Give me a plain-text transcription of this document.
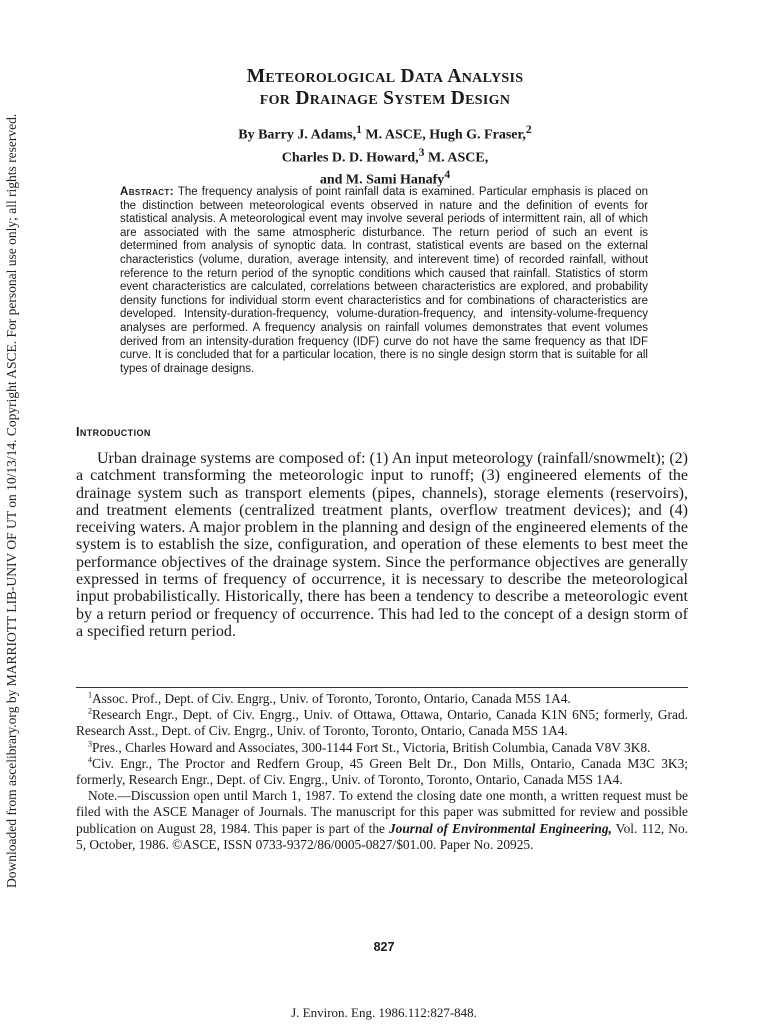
Downloaded from ascelibrary.org by MARRIOTT LIB-UNIV OF UT on 10/13/14. Copyright ASCE. For personal use only; all rights reserved.
Meteorological Data Analysis
for Drainage System Design
By Barry J. Adams,$^1$ M. ASCE, Hugh G. Fraser,$^2$
Charles D. D. Howard,$^3$ M. ASCE,
and M. Sami Hanafy$^4$
Abstract: The frequency analysis of point rainfall data is examined. Particular emphasis is placed on the distinction between meteorological events observed in nature and the definition of events for statistical analysis. A meteorological event may involve several periods of intermittent rain, all of which are associated with the same atmospheric disturbance. The return period of such an event is determined from analysis of synoptic data. In contrast, statistical events are based on the external characteristics (volume, duration, average intensity, and interevent time) of recorded rainfall, without reference to the return period of the synoptic conditions which caused that rainfall. Statistics of storm event characteristics are calculated, correlations between characteristics are explored, and probability density functions for individual storm event characteristics and for combinations of characteristics are developed. Intensity-duration-frequency, volume-duration-frequency, and intensity-volume-frequency analyses are performed. A frequency analysis on rainfall volumes demonstrates that event volumes derived from an intensity-duration frequency (IDF) curve do not have the same frequency as that IDF curve. It is concluded that for a particular location, there is no single design storm that is suitable for all types of drainage designs.
Introduction

Urban drainage systems are composed of: (1) An input meteorology (rainfall/snowmelt); (2) a catchment transforming the meteorologic input to runoff; (3) engineered elements of the drainage system such as transport elements (pipes, channels), storage elements (reservoirs), and treatment elements (centralized treatment plants, overflow treatment devices); and (4) receiving waters. A major problem in the planning and design of the engineered elements of the system is to establish the size, configuration, and operation of these elements to best meet the performance objectives of the drainage system. Since the performance objectives are generally expressed in terms of frequency of occurrence, it is necessary to describe the meteorological input probabilistically. Historically, there has been a tendency to describe a meteorologic event by a return period or frequency of occurrence. This had led to the concept of a design storm of a specified return period.

$^1$Assoc. Prof., Dept. of Civ. Engrg., Univ. of Toronto, Toronto, Ontario, Canada M5S 1A4.

$^2$Research Engr., Dept. of Civ. Engrg., Univ. of Ottawa, Ottawa, Ontario, Canada K1N 6N5; formerly, Grad. Research Asst., Dept. of Civ. Engrg., Univ. of Toronto, Toronto, Ontario, Canada M5S 1A4.

$^3$Pres., Charles Howard and Associates, 300-1144 Fort St., Victoria, British Columbia, Canada V8V 3K8.

$^4$Civ. Engr., The Proctor and Redfern Group, 45 Green Belt Dr., Don Mills, Ontario, Canada M3C 3K3; formerly, Research Engr., Dept. of Civ. Engrg., Univ. of Toronto, Toronto, Ontario, Canada M5S 1A4.

Note.—Discussion open until March 1, 1987. To extend the closing date one month, a written request must be filed with the ASCE Manager of Journals. The manuscript for this paper was submitted for review and possible publication on August 28, 1984. This paper is part of the Journal of Environmental Engineering, Vol. 112, No. 5, October, 1986. ©ASCE, ISSN 0733-9372/86/0005-0827/$01.00. Paper No. 20925.

827
J. Environ. Eng. 1986.112:827-848.
